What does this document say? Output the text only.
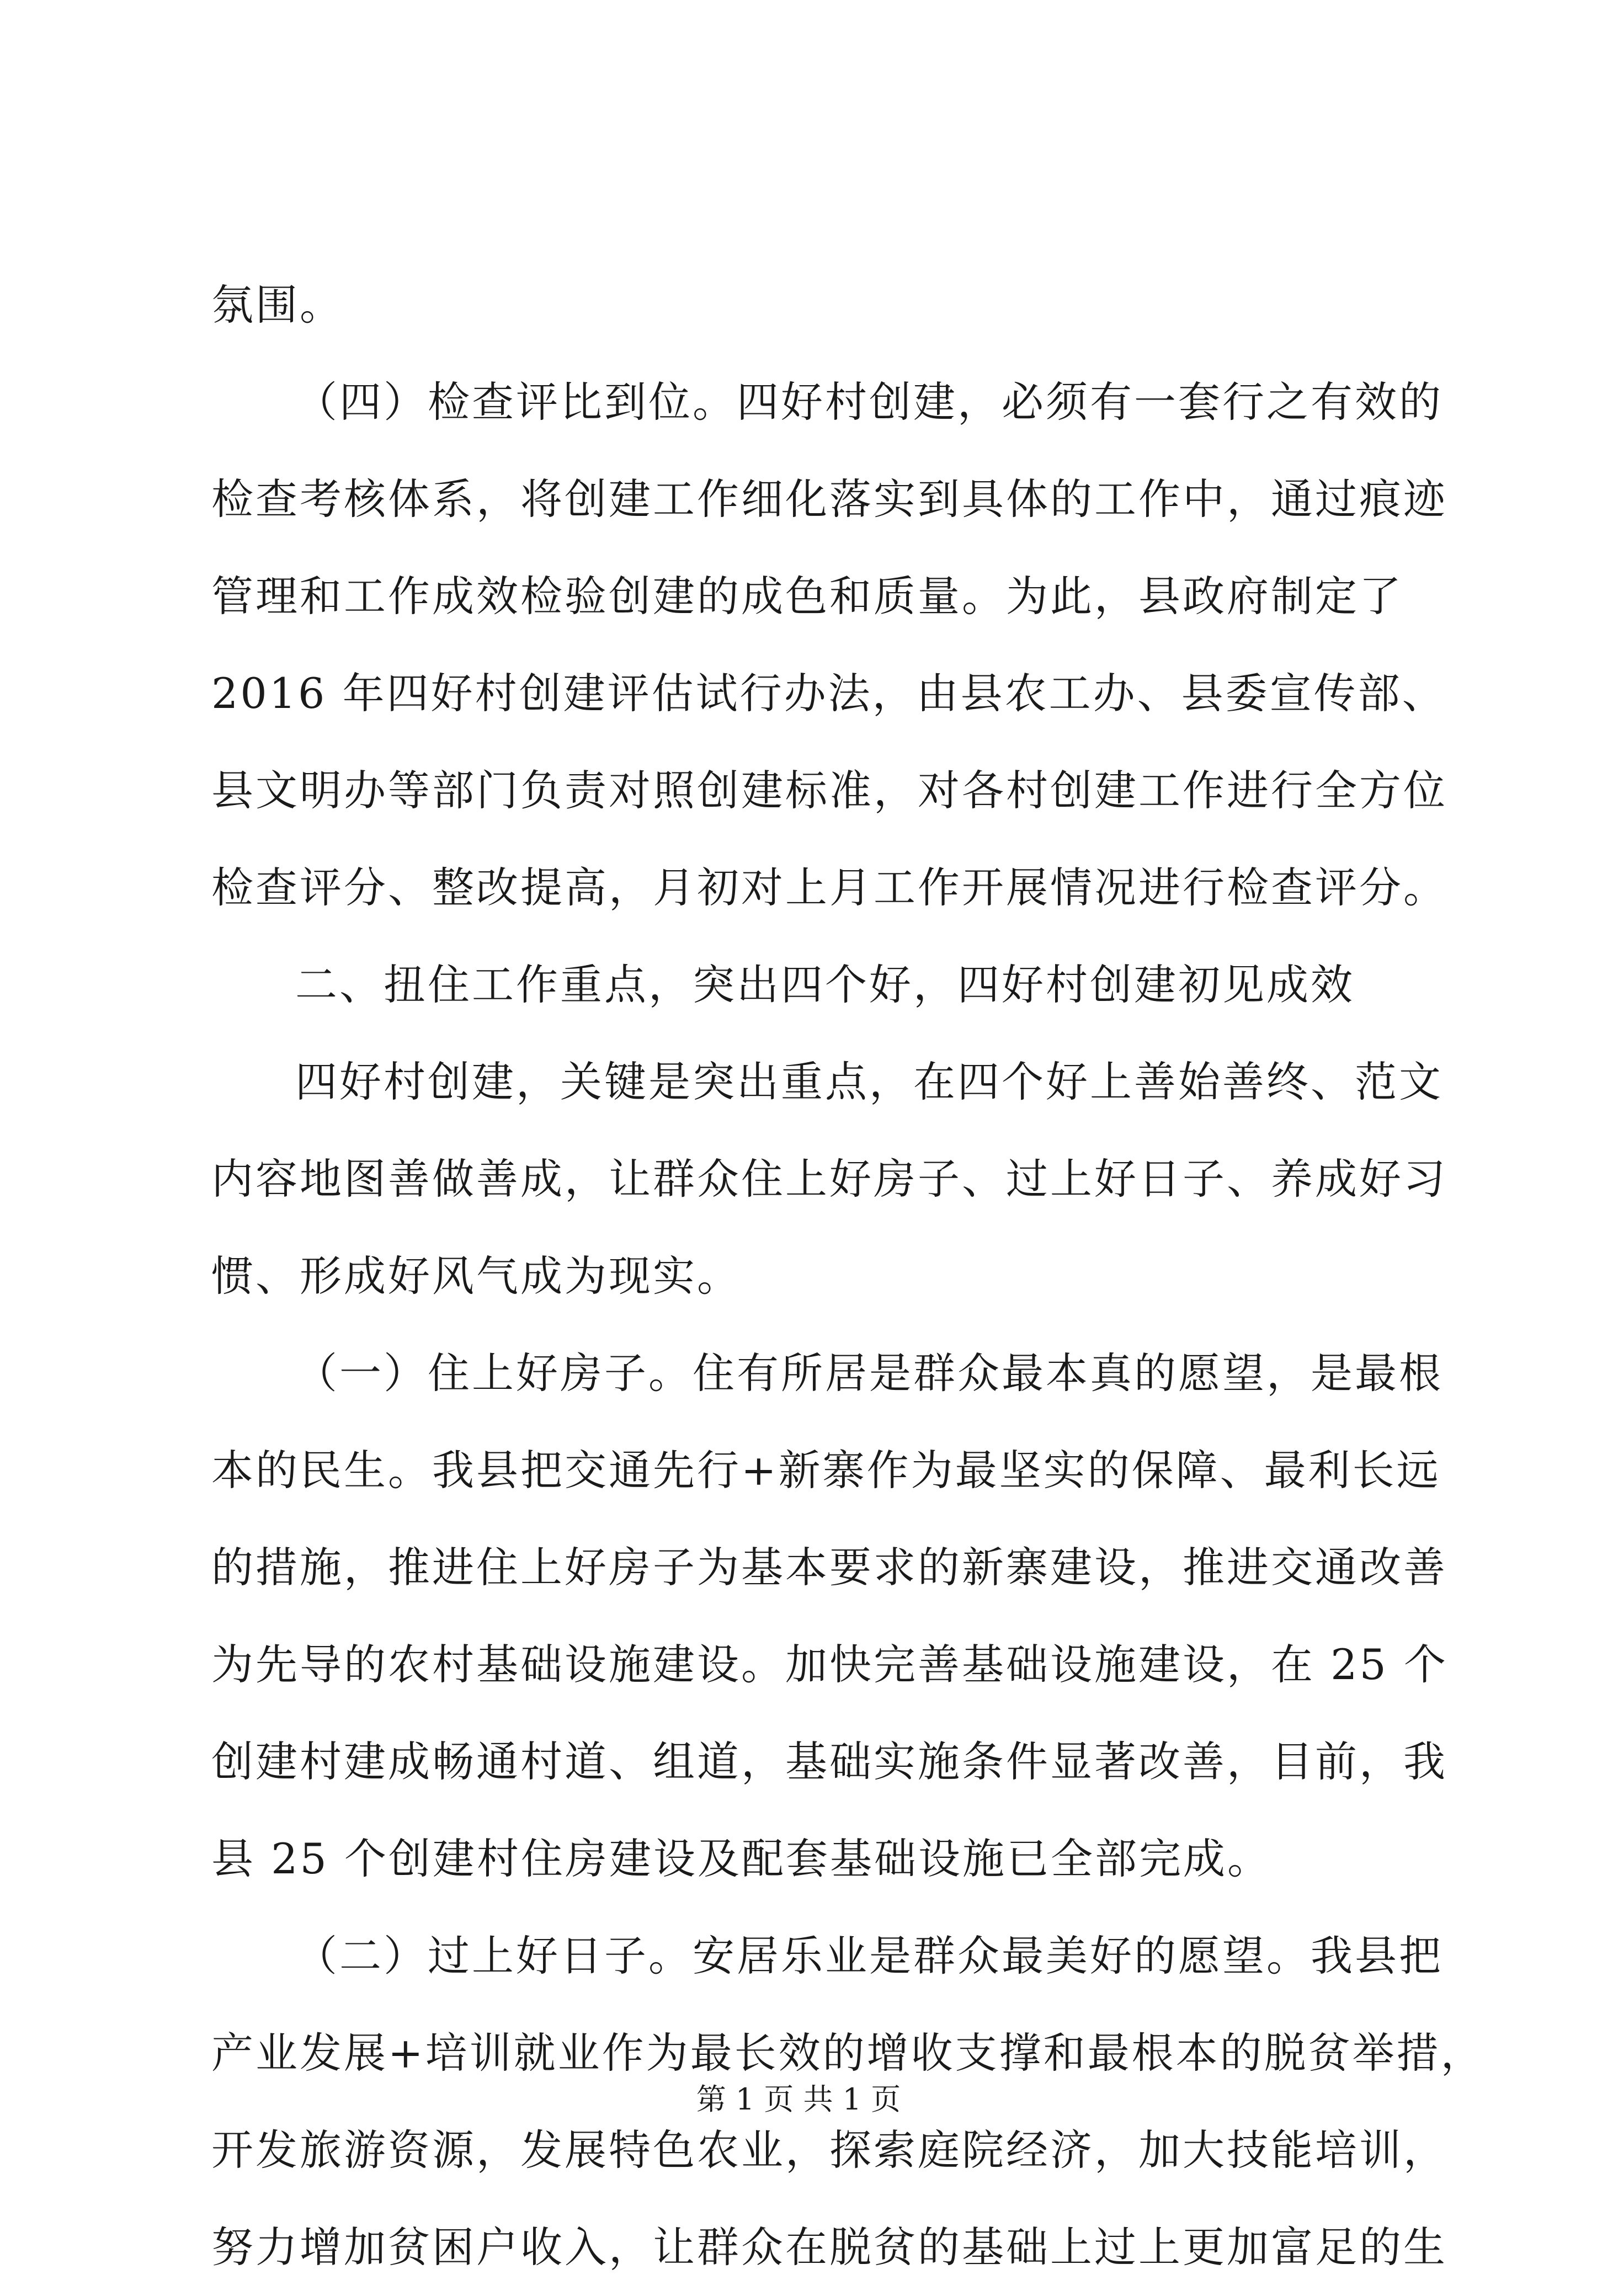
氛围。
（四）检查评比到位。四好村创建，必须有一套行之有效的
检查考核体系，将创建工作细化落实到具体的工作中，通过痕迹
管理和工作成效检验创建的成色和质量。为此，县政府制定了
2016 年四好村创建评估试行办法，由县农工办、县委宣传部、
县文明办等部门负责对照创建标准，对各村创建工作进行全方位
检查评分、整改提高，月初对上月工作开展情况进行检查评分。
二、扭住工作重点，突出四个好，四好村创建初见成效
四好村创建，关键是突出重点，在四个好上善始善终、范文
内容地图善做善成，让群众住上好房子、过上好日子、养成好习
惯、形成好风气成为现实。
（一）住上好房子。住有所居是群众最本真的愿望，是最根
本的民生。我县把交通先行+新寨作为最坚实的保障、最利长远
的措施，推进住上好房子为基本要求的新寨建设，推进交通改善
为先导的农村基础设施建设。加快完善基础设施建设，在 25 个
创建村建成畅通村道、组道，基础实施条件显著改善，目前，我
县 25 个创建村住房建设及配套基础设施已全部完成。
（二）过上好日子。安居乐业是群众最美好的愿望。我县把
产业发展+培训就业作为最长效的增收支撑和最根本的脱贫举措，
开发旅游资源，发展特色农业，探索庭院经济，加大技能培训，
努力增加贫困户收入，让群众在脱贫的基础上过上更加富足的生
第 1 页 共 1 页
